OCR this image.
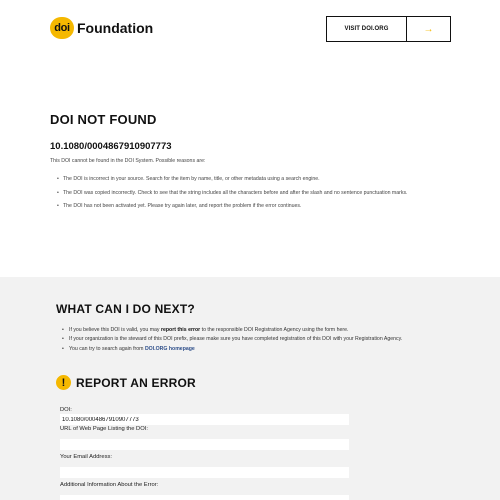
doi Foundation	VISIT DOI.ORG	→
DOI NOT FOUND
10.1080/0004867910907773
This DOI cannot be found in the DOI System. Possible reasons are:
• The DOI is incorrect in your source. Search for the item by name, title, or other metadata using a search engine.
• The DOI was copied incorrectly. Check to see that the string includes all the characters before and after the slash and no sentence punctuation marks.
• The DOI has not been activated yet. Please try again later, and report the problem if the error continues.
WHAT CAN I DO NEXT?
• If you believe this DOI is valid, you may report this error to the responsible DOI Registration Agency using the form here.
• If your organization is the steward of this DOI prefix, please make sure you have completed registration of this DOI with your Registration Agency.
• You can try to search again from DOI.ORG homepage
! REPORT AN ERROR
DOI:
10.1080/0004867910907773
URL of Web Page Listing the DOI:
Your Email Address:
Additional Information About the Error:
